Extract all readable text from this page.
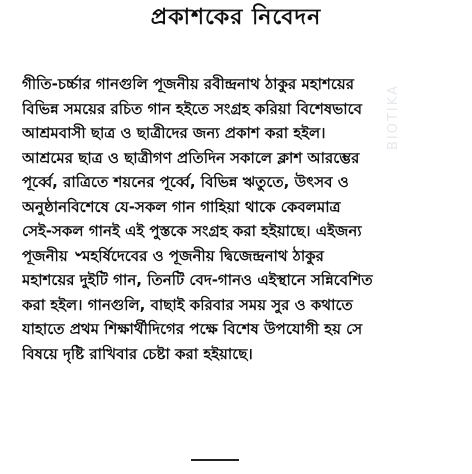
প্রকাশকের নিবেদন
গীতি-চর্চ্চার গানগুলি পূজনীয় রবীন্দ্রনাথ ঠাকুর মহাশয়ের
বিভিন্ন সময়ের রচিত গান হইতে সংগ্রহ করিয়া বিশেষভাবে
আশ্রমবাসী ছাত্র ও ছাত্রীদের জন্য প্রকাশ করা হইল।
আশ্রমের ছাত্র ও ছাত্রীগণ প্রতিদিন সকালে ক্লাশ আরম্ভের
পূর্ব্বে, রাত্রিতে শয়নের পূর্ব্বে, বিভিন্ন ঋতুতে, উৎসব ও
অনুষ্ঠানবিশেষে যে-সকল গান গাহিয়া থাকে কেবলমাত্র
সেই-সকল গানই এই পুস্তকে সংগ্রহ করা হইয়াছে। এইজন্য
পূজনীয় ৺মহর্ষিদেবের ও পূজনীয় দ্বিজেন্দ্রনাথ ঠাকুর
মহাশয়ের দুইটি গান, তিনটি বেদ-গানও এইস্থানে সন্নিবেশিত
করা হইল। গানগুলি, বাছাই করিবার সময় সুর ও কথাতে
যাহাতে প্রথম শিক্ষার্থীদিগের পক্ষে বিশেষ উপযোগী হয় সে
বিষয়ে দৃষ্টি রাখিবার চেষ্টা করা হইয়াছে।
BIOTIKA
